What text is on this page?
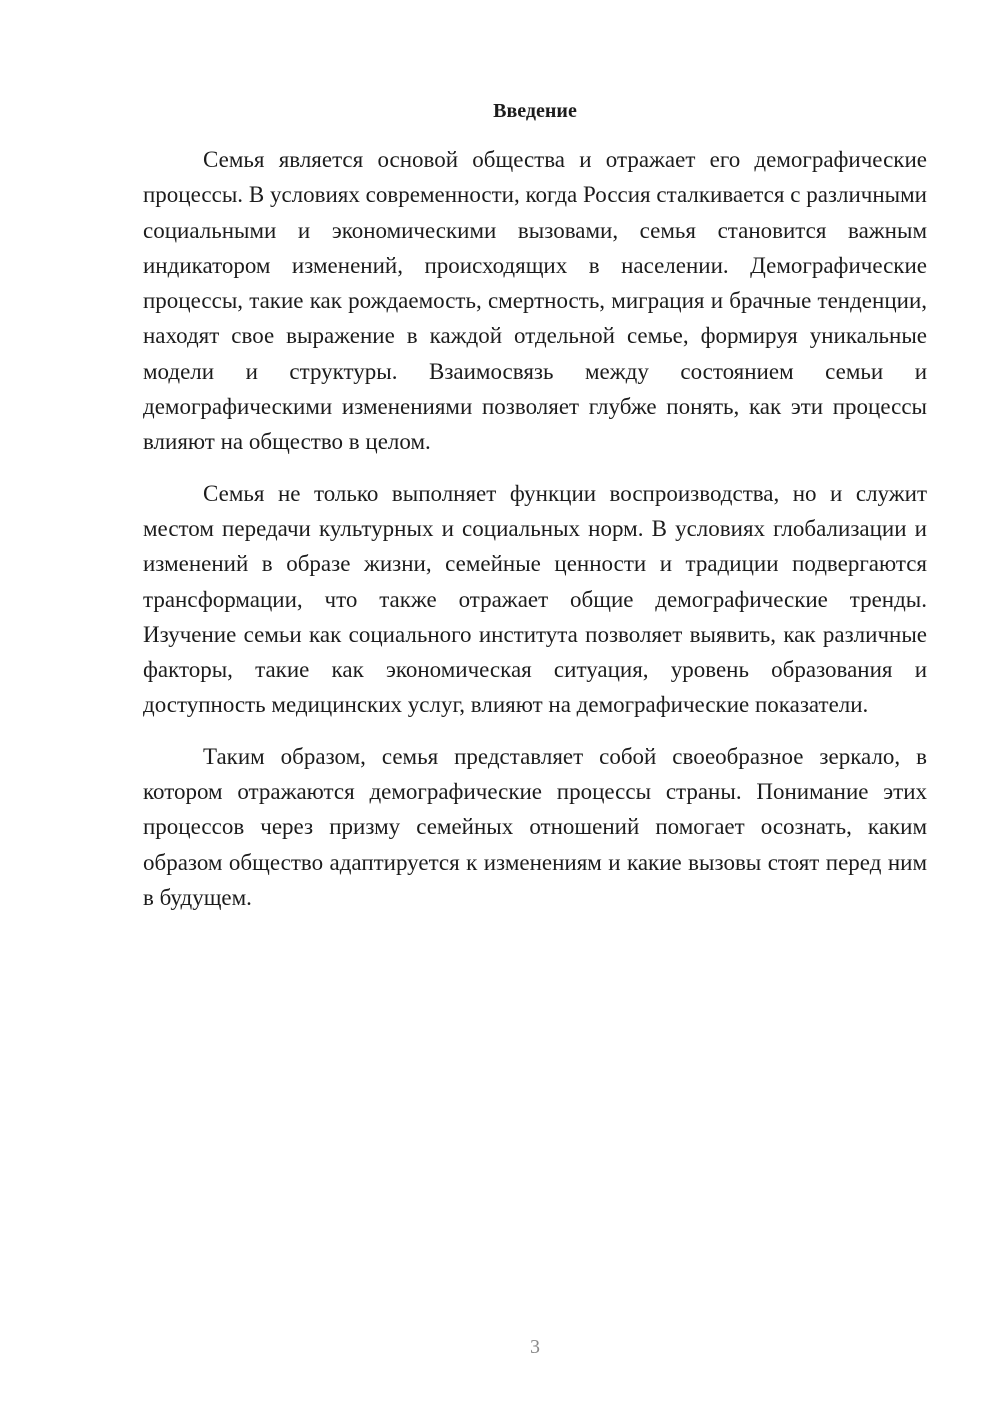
Введение

Семья является основой общества и отражает его демографические процессы. В условиях современности, когда Россия сталкивается с различными социальными и экономическими вызовами, семья становится важным индикатором изменений, происходящих в населении. Демографические процессы, такие как рождаемость, смертность, миграция и брачные тенденции, находят свое выражение в каждой отдельной семье, формируя уникальные модели и структуры. Взаимосвязь между состоянием семьи и демографическими изменениями позволяет глубже понять, как эти процессы влияют на общество в целом.

Семья не только выполняет функции воспроизводства, но и служит местом передачи культурных и социальных норм. В условиях глобализации и изменений в образе жизни, семейные ценности и традиции подвергаются трансформации, что также отражает общие демографические тренды. Изучение семьи как социального института позволяет выявить, как различные факторы, такие как экономическая ситуация, уровень образования и доступность медицинских услуг, влияют на демографические показатели.

Таким образом, семья представляет собой своеобразное зеркало, в котором отражаются демографические процессы страны. Понимание этих процессов через призму семейных отношений помогает осознать, каким образом общество адаптируется к изменениям и какие вызовы стоят перед ним в будущем.

3
